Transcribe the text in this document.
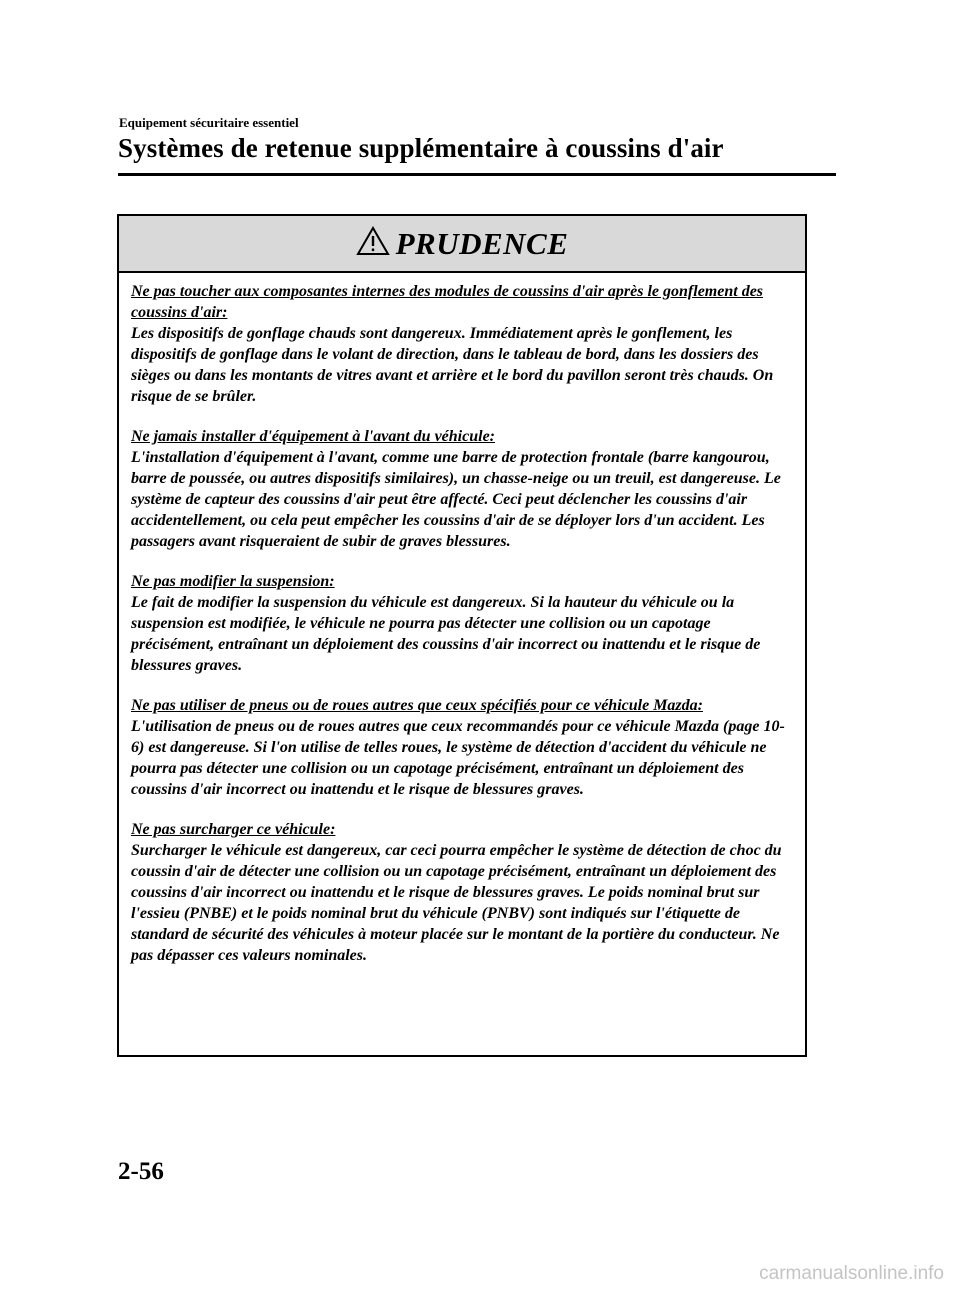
Equipement sécuritaire essentiel
Systèmes de retenue supplémentaire à coussins d'air
PRUDENCE
Ne pas toucher aux composantes internes des modules de coussins d'air après le gonflement des coussins d'air:
Les dispositifs de gonflage chauds sont dangereux. Immédiatement après le gonflement, les dispositifs de gonflage dans le volant de direction, dans le tableau de bord, dans les dossiers des sièges ou dans les montants de vitres avant et arrière et le bord du pavillon seront très chauds. On risque de se brûler.
Ne jamais installer d'équipement à l'avant du véhicule:
L'installation d'équipement à l'avant, comme une barre de protection frontale (barre kangourou, barre de poussée, ou autres dispositifs similaires), un chasse-neige ou un treuil, est dangereuse. Le système de capteur des coussins d'air peut être affecté. Ceci peut déclencher les coussins d'air accidentellement, ou cela peut empêcher les coussins d'air de se déployer lors d'un accident. Les passagers avant risqueraient de subir de graves blessures.
Ne pas modifier la suspension:
Le fait de modifier la suspension du véhicule est dangereux. Si la hauteur du véhicule ou la suspension est modifiée, le véhicule ne pourra pas détecter une collision ou un capotage précisément, entraînant un déploiement des coussins d'air incorrect ou inattendu et le risque de blessures graves.
Ne pas utiliser de pneus ou de roues autres que ceux spécifiés pour ce véhicule Mazda:
L'utilisation de pneus ou de roues autres que ceux recommandés pour ce véhicule Mazda (page 10-6) est dangereuse. Si l'on utilise de telles roues, le système de détection d'accident du véhicule ne pourra pas détecter une collision ou un capotage précisément, entraînant un déploiement des coussins d'air incorrect ou inattendu et le risque de blessures graves.
Ne pas surcharger ce véhicule:
Surcharger le véhicule est dangereux, car ceci pourra empêcher le système de détection de choc du coussin d'air de détecter une collision ou un capotage précisément, entraînant un déploiement des coussins d'air incorrect ou inattendu et le risque de blessures graves. Le poids nominal brut sur l'essieu (PNBE) et le poids nominal brut du véhicule (PNBV) sont indiqués sur l'étiquette de standard de sécurité des véhicules à moteur placée sur le montant de la portière du conducteur. Ne pas dépasser ces valeurs nominales.
2-56
carmanualsonline.info
